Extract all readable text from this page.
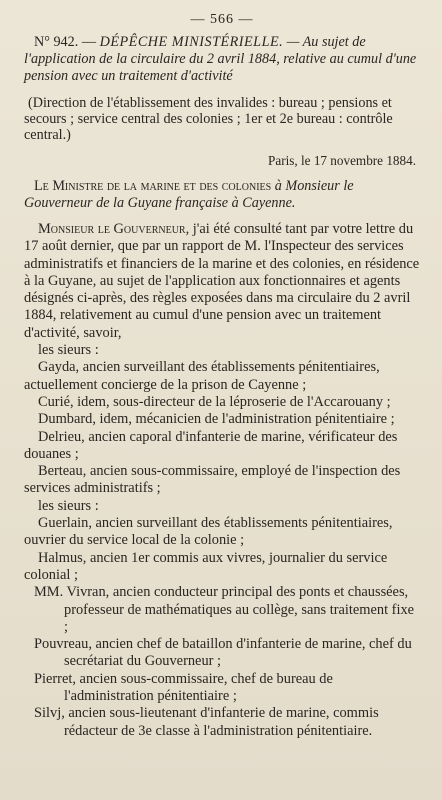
— 566 —
N° 942. — DÉPÊCHE MINISTÉRIELLE. — Au sujet de l'application de la circulaire du 2 avril 1884, relative au cumul d'une pension avec un traitement d'activité
(Direction de l'établissement des invalides : bureau ; pensions et secours ; service central des colonies ; 1er et 2e bureau : contrôle central.)
Paris, le 17 novembre 1884.
Le Ministre de la marine et des colonies à Monsieur le Gouverneur de la Guyane française à Cayenne.
Monsieur le Gouverneur, j'ai été consulté tant par votre lettre du 17 août dernier, que par un rapport de M. l'Inspecteur des services administratifs et financiers de la marine et des colonies, en résidence à la Guyane, au sujet de l'application aux fonctionnaires et agents désignés ci-après, des règles exposées dans ma circulaire du 2 avril 1884, relativement au cumul d'une pension avec un traitement d'activité, savoir,
les sieurs :
Gayda, ancien surveillant des établissements pénitentiaires, actuellement concierge de la prison de Cayenne ;
Curié, idem, sous-directeur de la léproserie de l'Accarouany ;
Dumbard, idem, mécanicien de l'administration pénitentiaire ;
Delrieu, ancien caporal d'infanterie de marine, vérificateur des douanes ;
Berteau, ancien sous-commissaire, employé de l'inspection des services administratifs ;
les sieurs :
Guerlain, ancien surveillant des établissements pénitentiaires, ouvrier du service local de la colonie ;
Halmus, ancien 1er commis aux vivres, journalier du service colonial ;
MM. Vivran, ancien conducteur principal des ponts et chaussées, professeur de mathématiques au collège, sans traitement fixe ;
Pouvreau, ancien chef de bataillon d'infanterie de marine, chef du secrétariat du Gouverneur ;
Pierret, ancien sous-commissaire, chef de bureau de l'administration pénitentiaire ;
Silvj, ancien sous-lieutenant d'infanterie de marine, commis rédacteur de 3e classe à l'administration pénitentiaire.
